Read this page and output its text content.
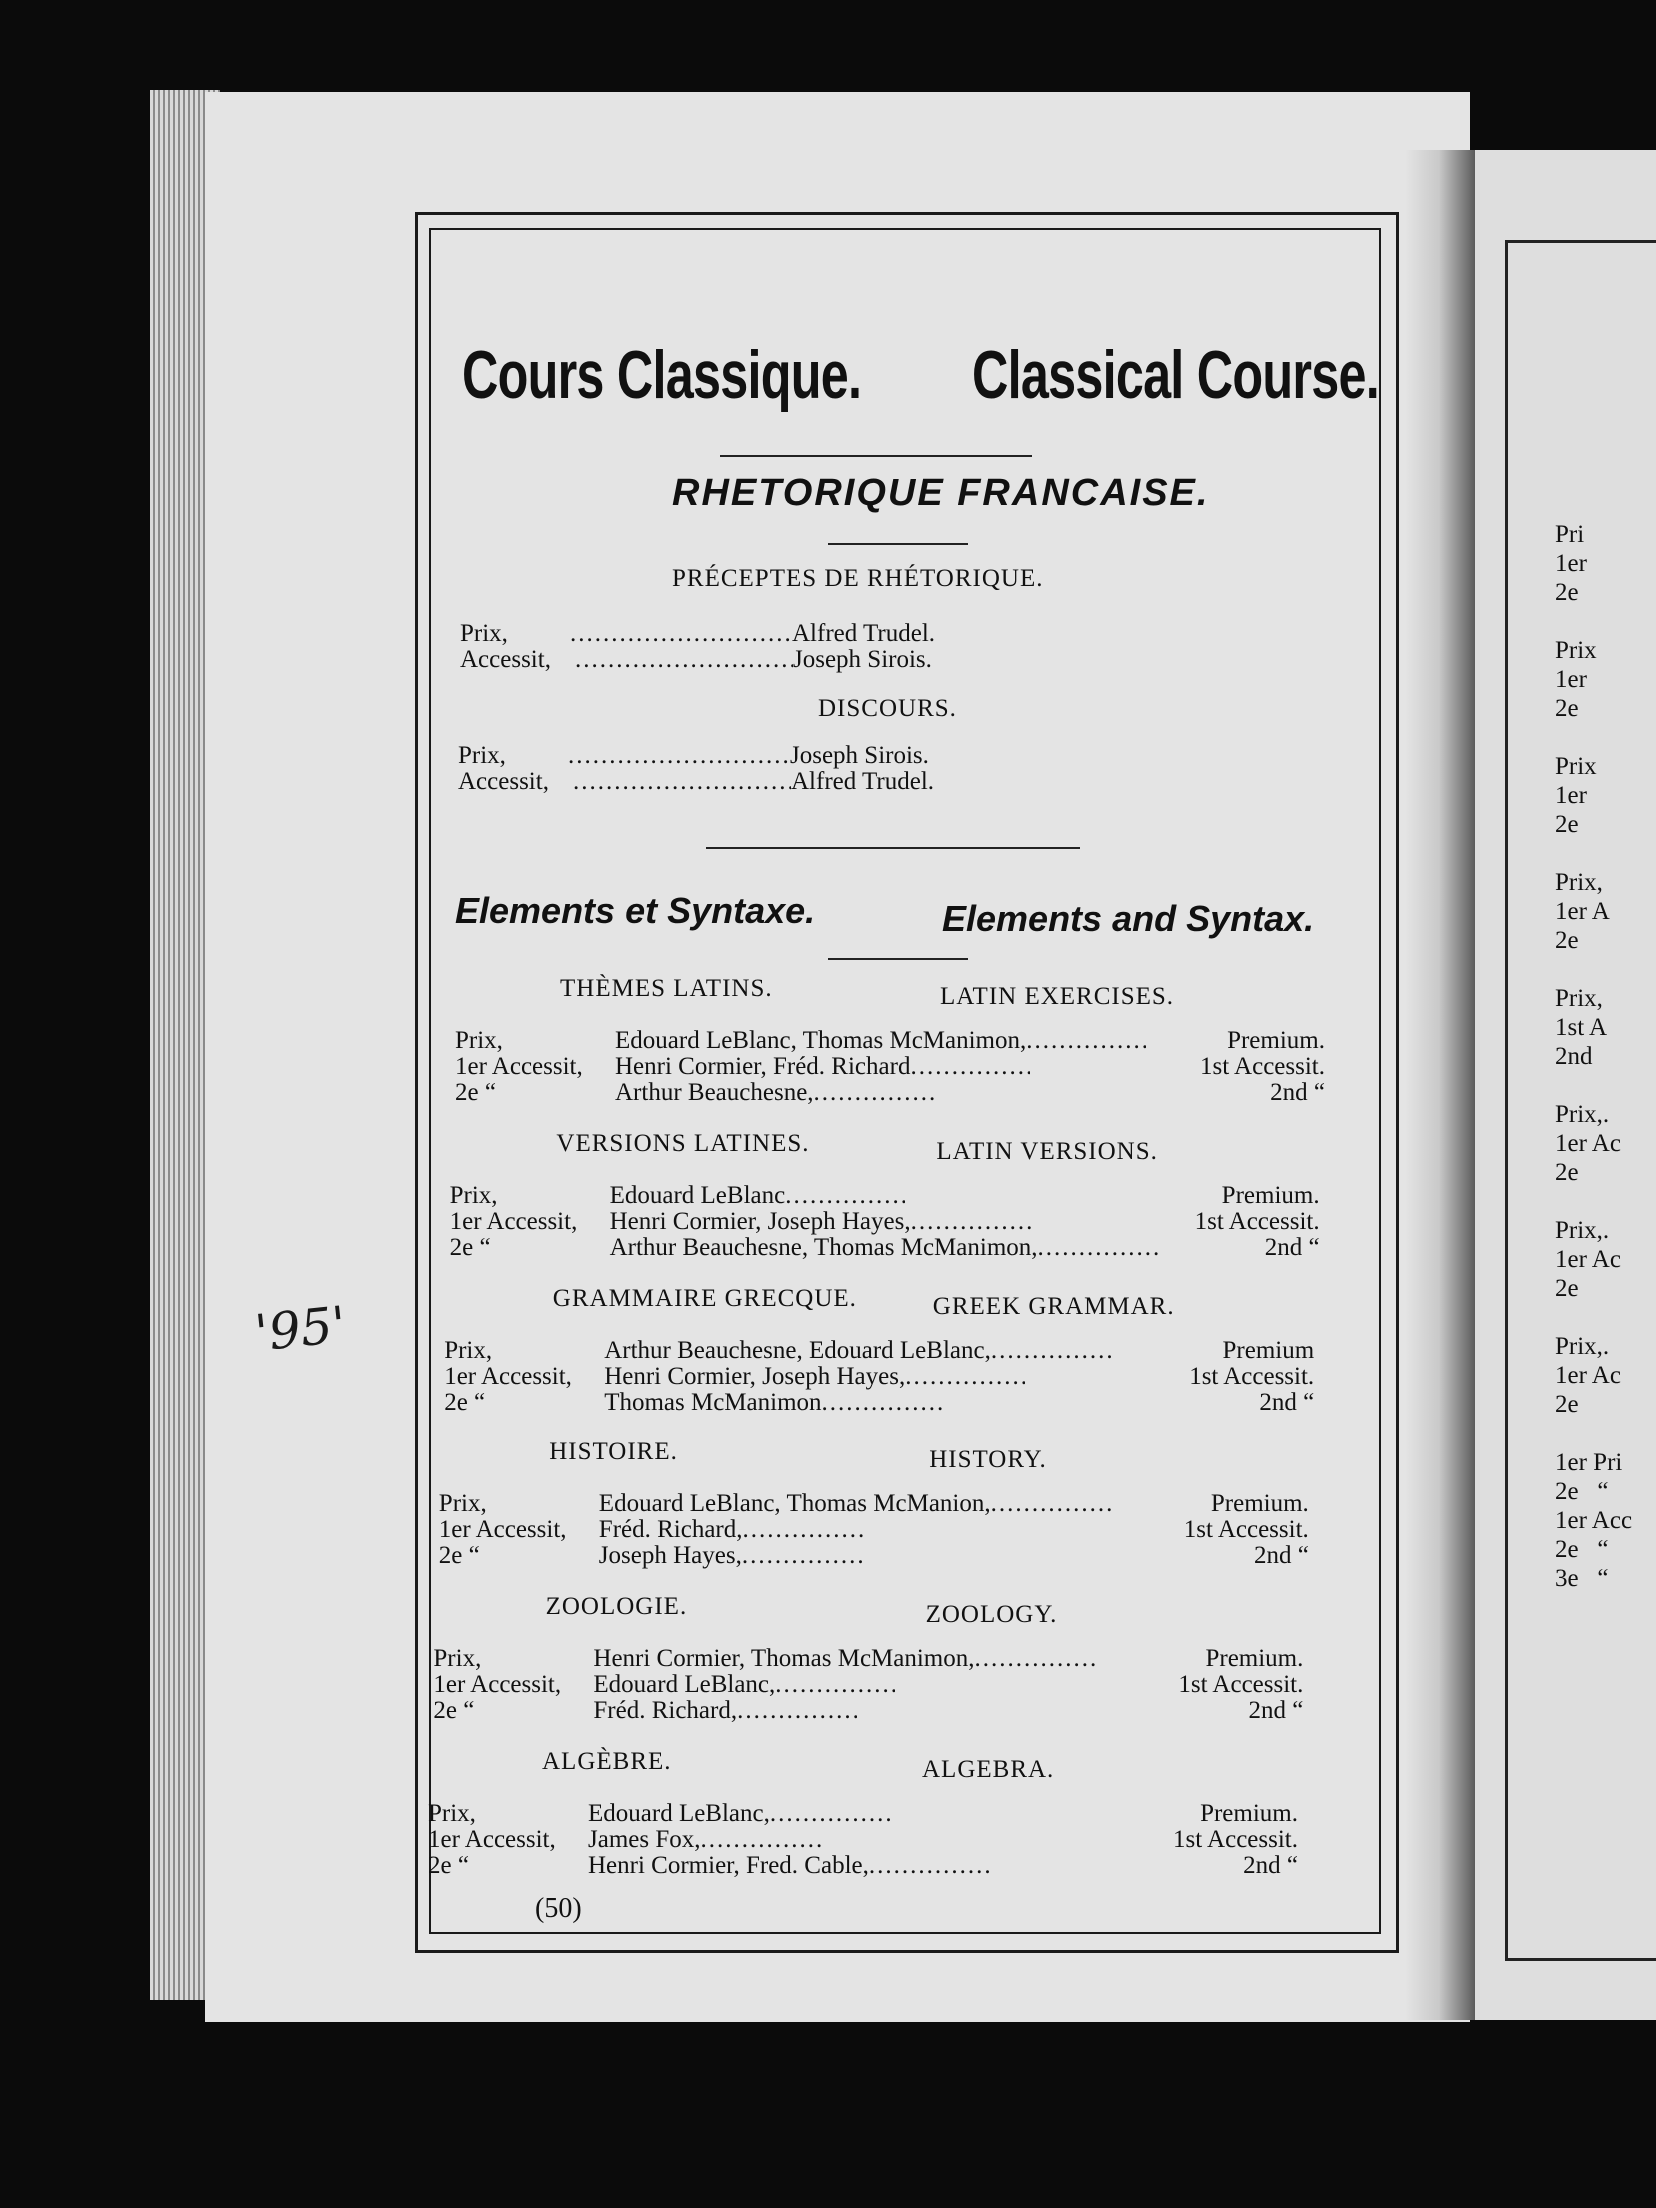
Pri
1er
2e

Prix
1er
2e

Prix
1er
2e

Prix,
1er A
2e

Prix,
1st A
2nd

Prix,.
1er Ac
2e

Prix,.
1er Ac
2e

Prix,.
1er Ac
2e

1er Pri
2e   “
1er Acc
2e   “
3e   “
Cours Classique. Classical Course.
RHETORIQUE FRANCAISE.
PRÉCEPTES DE RHÉTORIQUE.
Prix, .....	Alfred Trudel.
Accessit, .....	Joseph Sirois.
DISCOURS.
Prix, .....	Joseph Sirois.
Accessit, .....	Alfred Trudel.
Elements et Syntaxe.	Elements and Syntax.
THÈMES LATINS.	LATIN EXERCISES.
Prix,	Edouard LeBlanc, Thomas McManimon, .....	Premium.
1er Accessit, Henri Cormier, Fréd. Richard .....	1st Accessit.
2e “	Arthur Beauchesne, .....	2nd “
VERSIONS LATINES.	LATIN VERSIONS.
Prix,	Edouard LeBlanc .....	Premium.
1er Accessit, Henri Cormier, Joseph Hayes, .....	1st Accessit.
2e “	Arthur Beauchesne, Thomas McManimon, .....	2nd “
GRAMMAIRE GRECQUE.	GREEK GRAMMAR.
Prix,	Arthur Beauchesne, Edouard LeBlanc, .....	Premium
1er Accessit, Henri Cormier, Joseph Hayes, .....	1st Accessit.
2e “	Thomas McManimon .....	2nd “
HISTOIRE.	HISTORY.
Prix,	Edouard LeBlanc, Thomas McManion, .....	Premium.
1er Accessit, Fréd. Richard, .....	1st Accessit.
2e “	Joseph Hayes, .....	2nd “
ZOOLOGIE.	ZOOLOGY.
Prix,	Henri Cormier, Thomas McManimon, .....	Premium.
1er Accessit, Edouard LeBlanc, .....	1st Accessit.
2e “	Fréd. Richard, .....	2nd “
ALGÈBRE.	ALGEBRA.
Prix,	Edouard LeBlanc, .....	Premium.
1er Accessit, James Fox, .....	1st Accessit.
2e “	Henri Cormier, Fred. Cable, .....	2nd “
(50)
'95'
